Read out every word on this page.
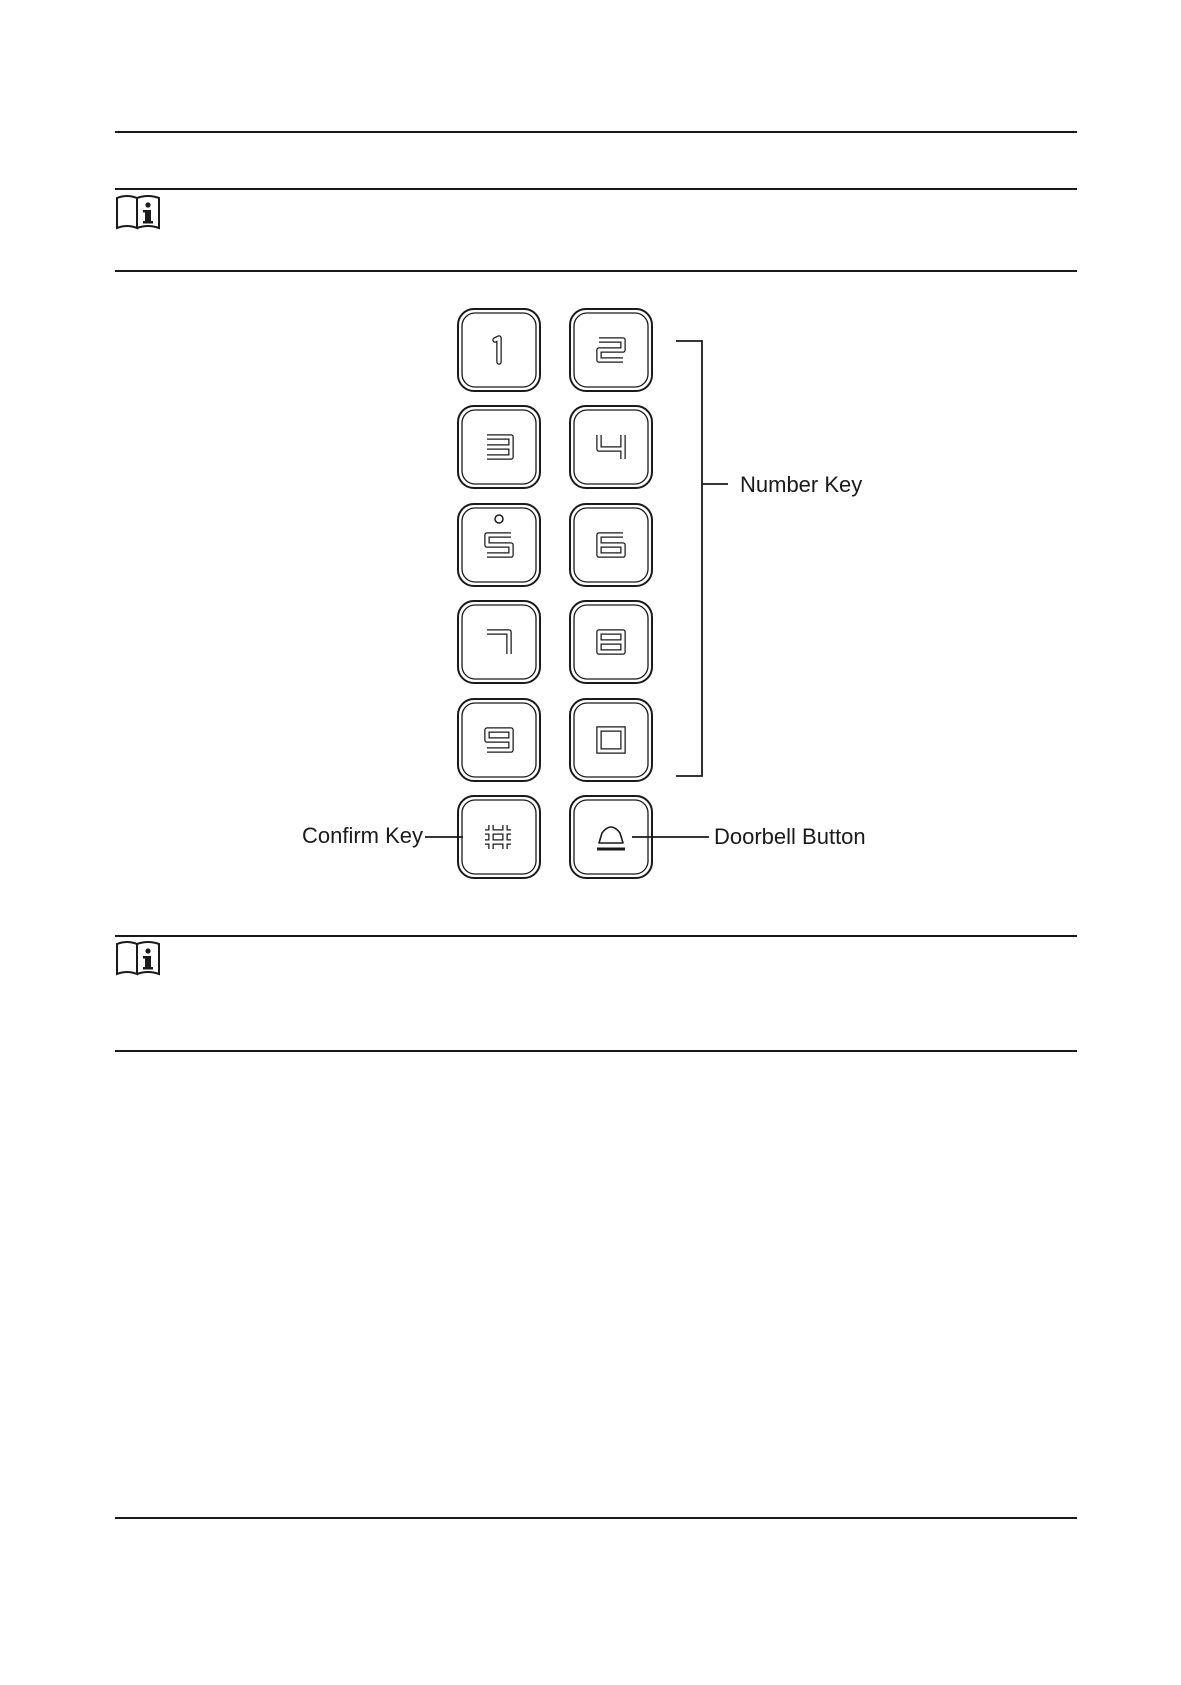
Number Key
Confirm Key	Doorbell Button
